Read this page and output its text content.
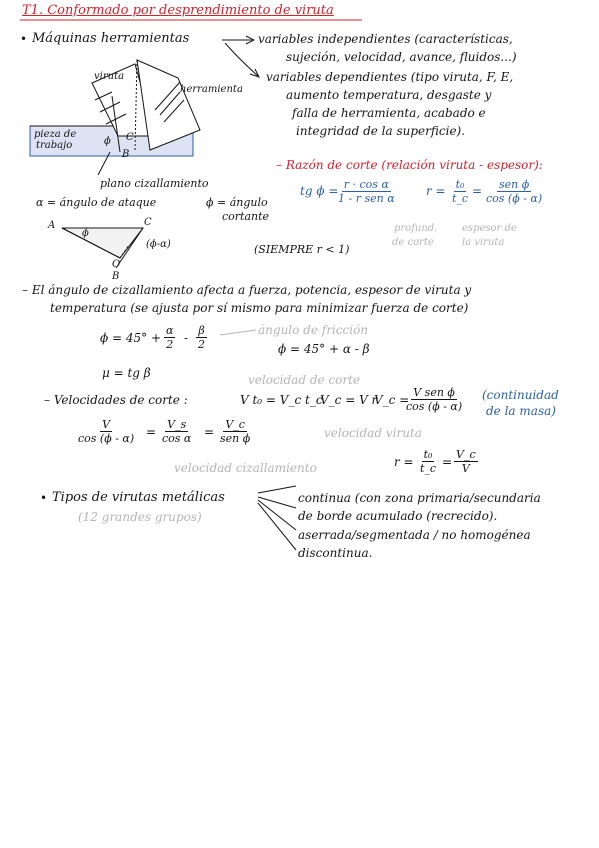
T1. Conformado por desprendimiento de viruta
• Máquinas herramientas	variables independientes (características,
sujeción, velocidad, avance, fluidos...)
variables dependientes (tipo viruta, F, E,
aumento temperatura, desgaste y
falla de herramienta, acabado e
integridad de la superficie).
viruta
herramienta
pieza de
trabajo	ϕ C
B
plano cizallamiento
α = ángulo de ataque	ϕ = ángulo
cortante
– Razón de corte (relación viruta - espesor):
tg ϕ = r · cos α
1 - r sen α
$r = \frac{\text{t₀}}{t\_c}$ = sen ϕ
cos (ϕ - α)
profund.
de corte
espesor de
la viruta
A	C
O
B
ϕ
(ϕ-α)	(SIEMPRE r < 1)
– El ángulo de cizallamiento afecta a fuerza, potencia, espesor de viruta y
temperatura (se ajusta por sí mismo para minimizar fuerza de corte)
$\phi = 45^\circ + \frac{\alpha}{2} - \frac{\beta}{2}$	ángulo de fricción
ϕ = 45° + α - β
μ = tg β	velocidad de corte
– Velocidades de corte :	V t₀ = V_c t_c
V_c = V r
V_c =
V sen ϕ
cos (ϕ - α)
(continuidad
de la masa)
$\frac{V}{\cos (\phi - \alpha)} = \frac{V\_s}{\text{cos α}}$ =
V_c
sen ϕ	velocidad viruta
velocidad cizallamiento	$r = \frac{\text{t₀}}{t\_c} = \frac{V\_c}{V}$
• Tipos de virutas metálicas
(12 grandes grupos)
continua (con zona primaria/secundaria
de borde acumulado (recrecido).
aserrada/segmentada / no homogénea
discontinua.
